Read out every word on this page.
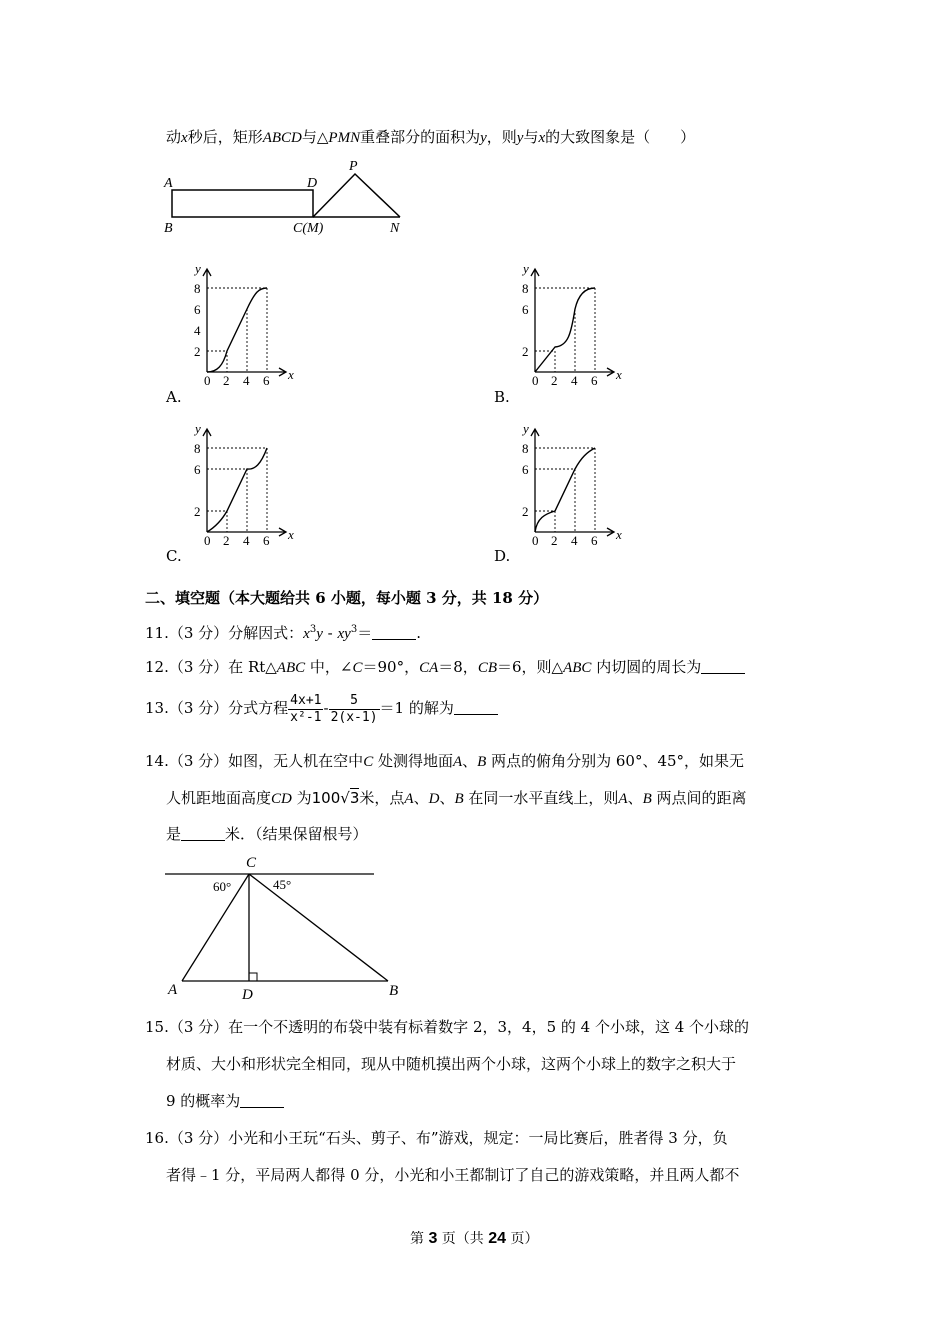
动x秒后，矩形ABCD与△PMN重叠部分的面积为y，则y与x的大致图象是（　　）
A
B
D
C(M)
P
N
y
x
8
6
4
2
0 2 4 6
A.
y
x
8
6
2
0 2 4 6
B.
y
x
8
6
2
0 2 4 6
C.
y
x
8
6
2
0 2 4 6
D.
二、填空题（本大题给共 6 小题，每小题 3 分，共 18 分）
11.（3 分）分解因式：$x^3y - xy^3=$	.
12.（3 分）在 Rt△ABC 中，∠C＝90°，CA＝8，CB＝6，则△ABC 内切圆的周长为
13.（3 分）分式方程 $\frac{4x+1}{\text{x²-1}} - \frac{5}{2(x-1)} =1$ 的解为
14.（3 分）如图，无人机在空中C 处测得地面A、B 两点的俯角分别为 60°、45°，如果无
人机距地面高度CD 为100√3米，点A、D、B 在同一水平直线上，则A、B 两点间的距离
是	米．（结果保留根号）
C
A	D	B
60°	45°
15.（3 分）在一个不透明的布袋中装有标着数字 2，3，4，5 的 4 个小球，这 4 个小球的
材质、大小和形状完全相同，现从中随机摸出两个小球，这两个小球上的数字之积大于
9 的概率为
16.（3 分）小光和小王玩“石头、剪子、布”游戏，规定：一局比赛后，胜者得 3 分，负
者得﹣1 分，平局两人都得 0 分，小光和小王都制订了自己的游戏策略，并且两人都不
第 3 页（共 24 页）
